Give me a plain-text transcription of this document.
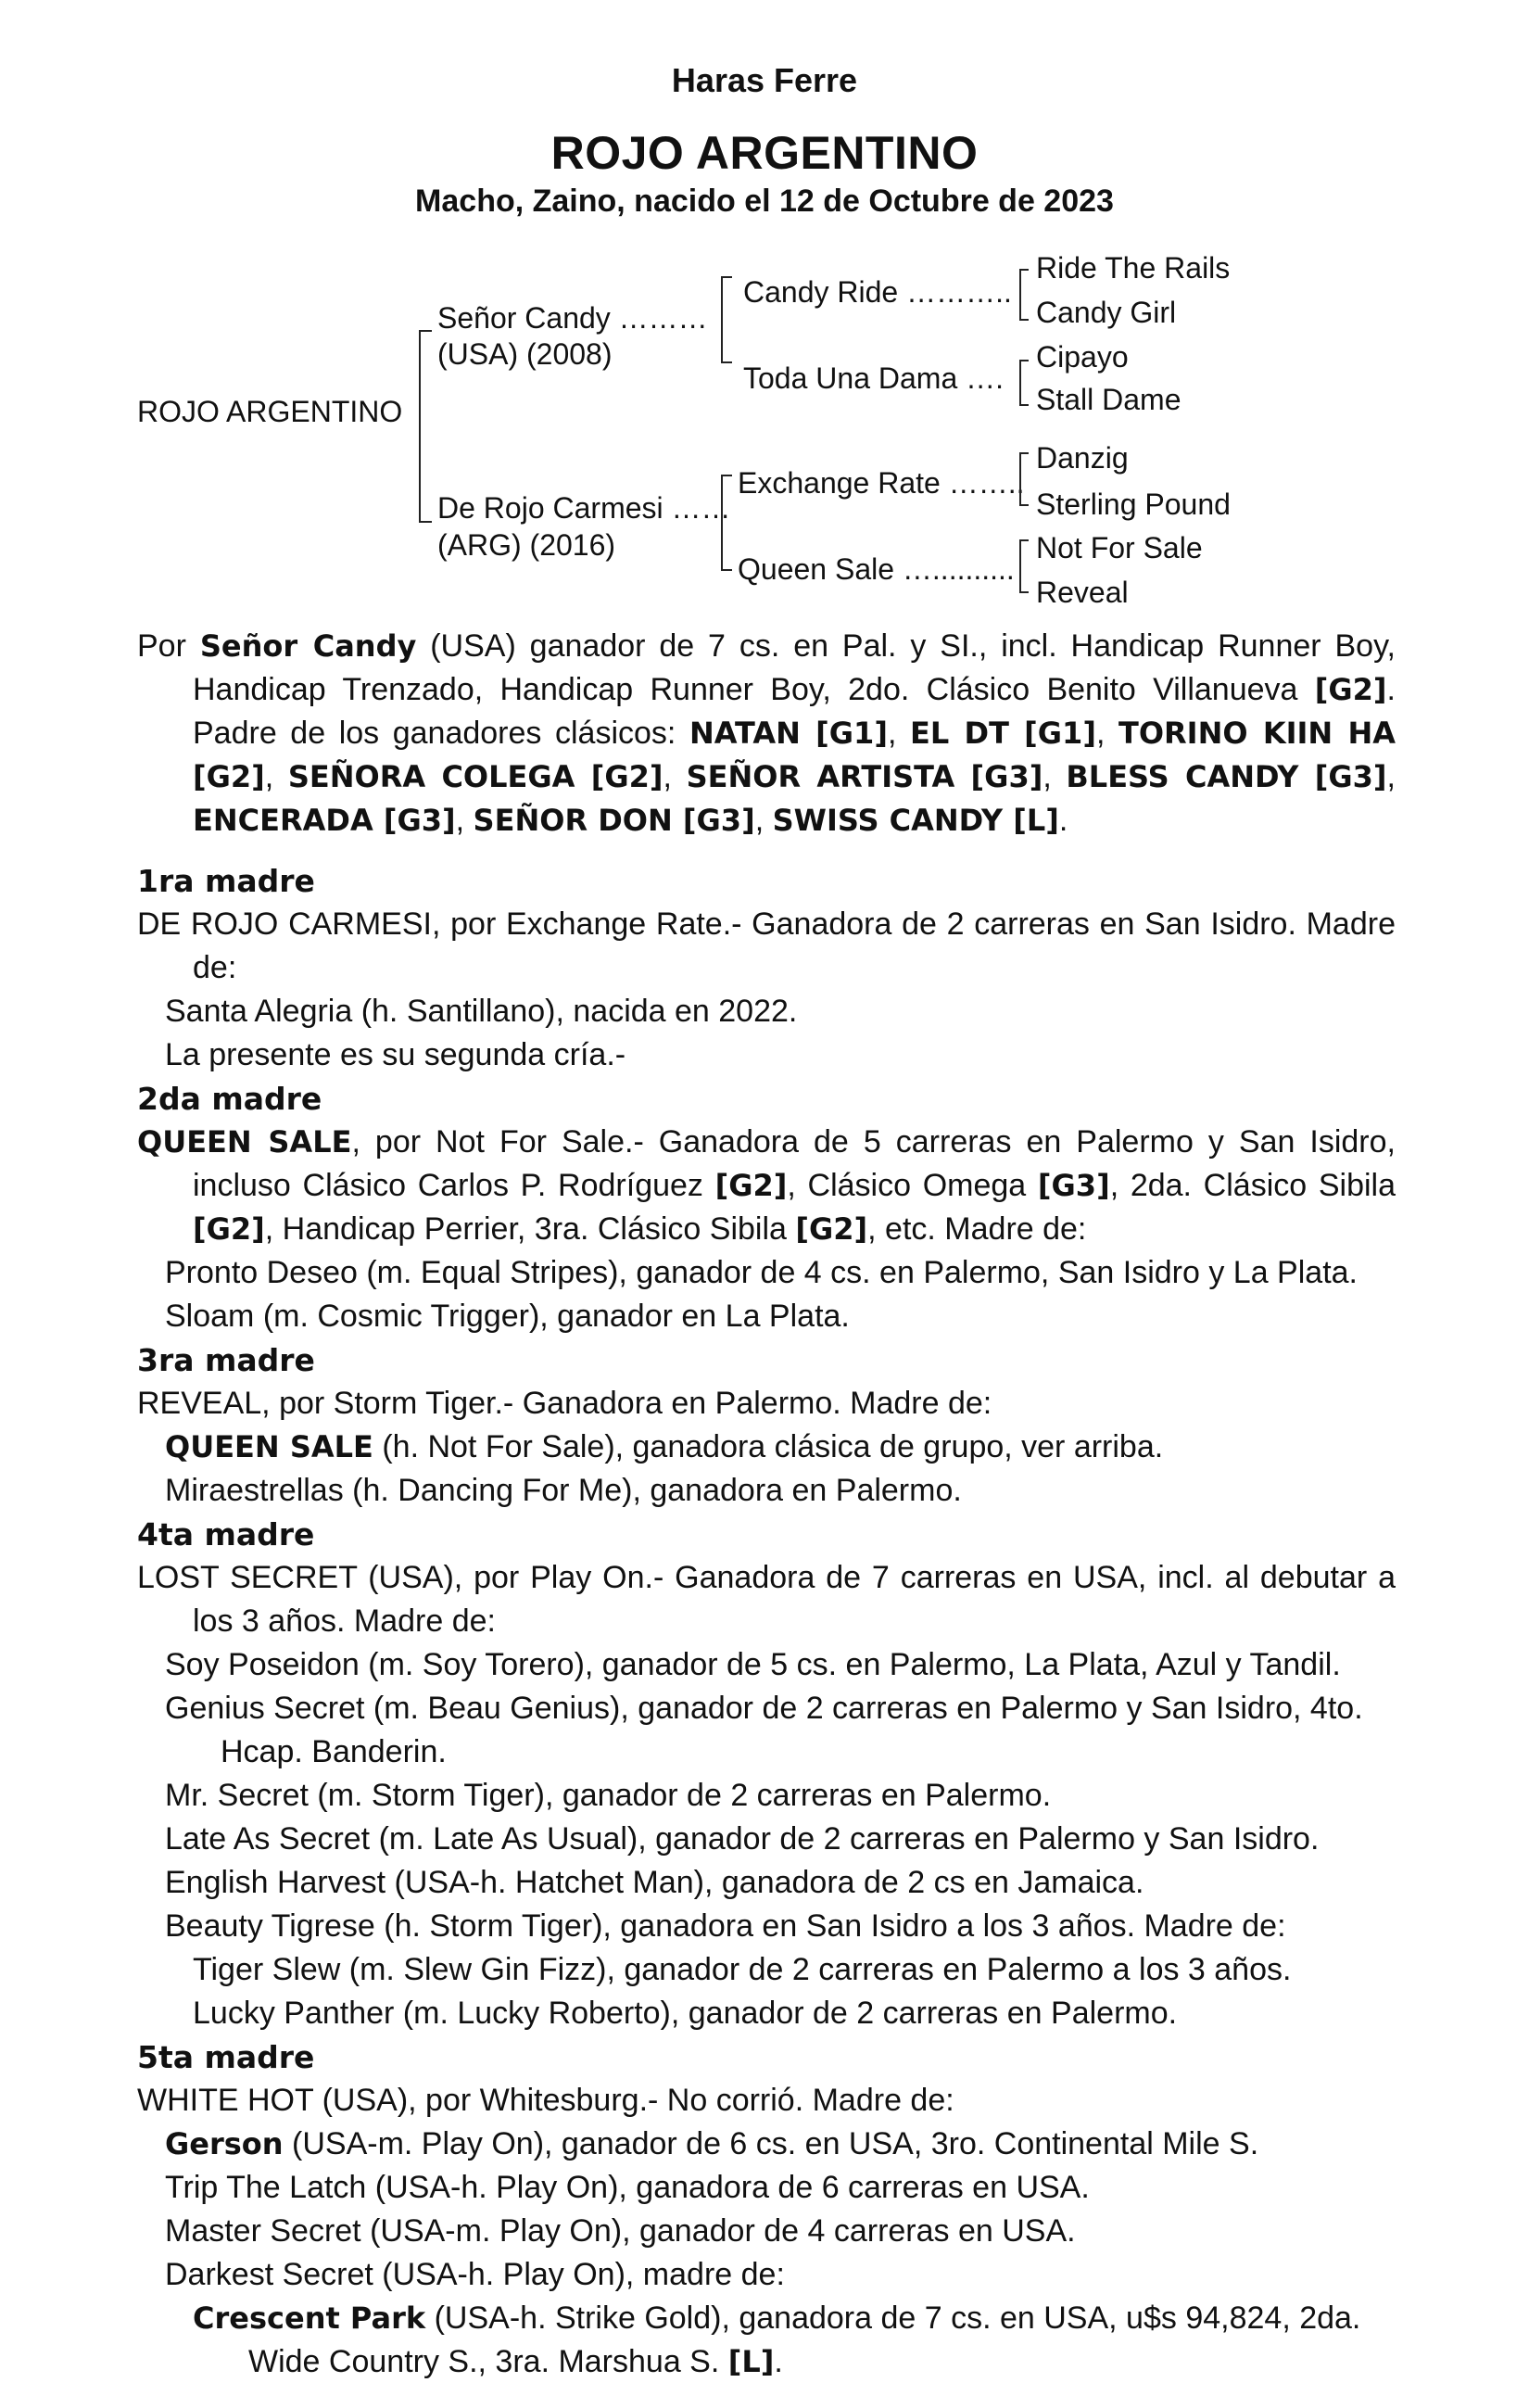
Haras Ferre
ROJO ARGENTINO
Macho, Zaino, nacido el 12 de Octubre de 2023
ROJO ARGENTINO
Señor Candy ………
(USA) (2008)
De Rojo Carmesi ……
(ARG) (2016)
Candy Ride ………..
Toda Una Dama ….
Exchange Rate ……..
Queen Sale …..........
Ride The Rails
Candy Girl
Cipayo
Stall Dame
Danzig
Sterling Pound
Not For Sale
Reveal
Por Señor Candy (USA) ganador de 7 cs. en Pal. y SI., incl. Handicap Runner Boy, Handicap Trenzado, Handicap Runner Boy, 2do. Clásico Benito Villanueva [G2]. Padre de los ganadores clásicos: NATAN [G1], EL DT [G1], TORINO KIIN HA [G2], SEÑORA COLEGA [G2], SEÑOR ARTISTA [G3], BLESS CANDY [G3], ENCERADA [G3], SEÑOR DON [G3], SWISS CANDY [L].
1ra madre
DE ROJO CARMESI, por Exchange Rate.- Ganadora de 2 carreras en San Isidro. Madre de:
Santa Alegria (h. Santillano), nacida en 2022.
La presente es su segunda cría.-
2da madre
QUEEN SALE, por Not For Sale.- Ganadora de 5 carreras en Palermo y San Isidro, incluso Clásico Carlos P. Rodríguez [G2], Clásico Omega [G3], 2da. Clásico Sibila [G2], Handicap Perrier, 3ra. Clásico Sibila [G2], etc. Madre de:
Pronto Deseo (m. Equal Stripes), ganador de 4 cs. en Palermo, San Isidro y La Plata.
Sloam (m. Cosmic Trigger), ganador en La Plata.
3ra madre
REVEAL, por Storm Tiger.- Ganadora en Palermo. Madre de:
QUEEN SALE (h. Not For Sale), ganadora clásica de grupo, ver arriba.
Miraestrellas (h. Dancing For Me), ganadora en Palermo.
4ta madre
LOST SECRET (USA), por Play On.- Ganadora de 7 carreras en USA, incl. al debutar a los 3 años. Madre de:
Soy Poseidon (m. Soy Torero), ganador de 5 cs. en Palermo, La Plata, Azul y Tandil.
Genius Secret (m. Beau Genius), ganador de 2 carreras en Palermo y San Isidro, 4to. Hcap. Banderin.
Mr. Secret (m. Storm Tiger), ganador de 2 carreras en Palermo.
Late As Secret (m. Late As Usual), ganador de 2 carreras en Palermo y San Isidro.
English Harvest (USA-h. Hatchet Man), ganadora de 2 cs en Jamaica.
Beauty Tigrese (h. Storm Tiger), ganadora en San Isidro a los 3 años. Madre de:
Tiger Slew (m. Slew Gin Fizz), ganador de 2 carreras en Palermo a los 3 años.
Lucky Panther (m. Lucky Roberto), ganador de 2 carreras en Palermo.
5ta madre
WHITE HOT (USA), por Whitesburg.- No corrió. Madre de:
Gerson (USA-m. Play On), ganador de 6 cs. en USA, 3ro. Continental Mile S.
Trip The Latch (USA-h. Play On), ganadora de 6 carreras en USA.
Master Secret (USA-m. Play On), ganador de 4 carreras en USA.
Darkest Secret (USA-h. Play On), madre de:
Crescent Park (USA-h. Strike Gold), ganadora de 7 cs. en USA, u$s 94,824, 2da. Wide Country S., 3ra. Marshua S. [L].
